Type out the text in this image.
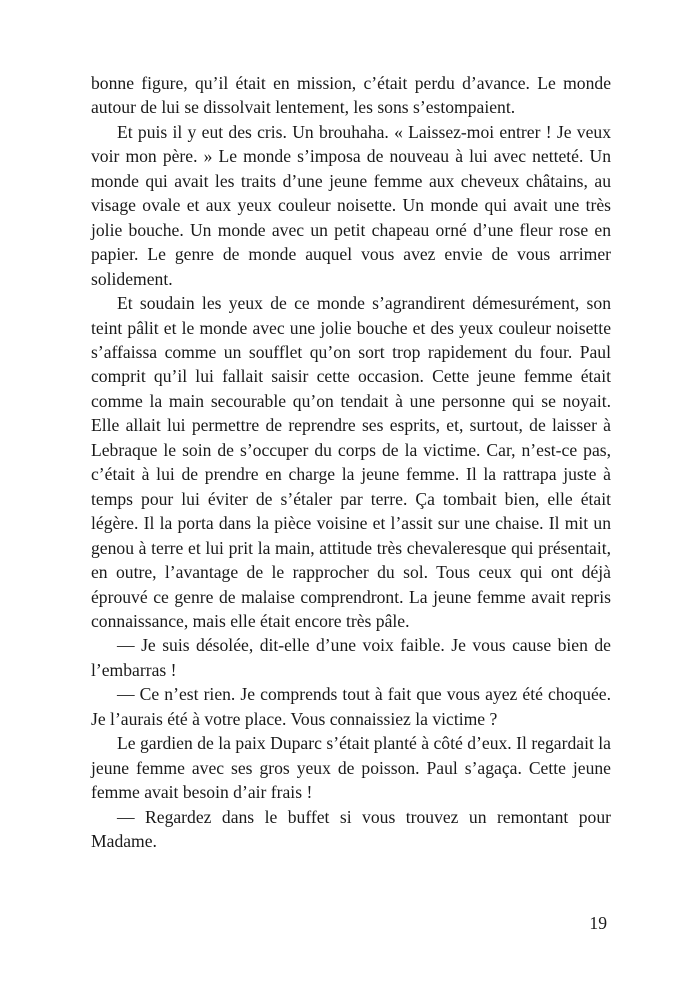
bonne figure, qu’il était en mission, c’était perdu d’avance. Le monde autour de lui se dissolvait lentement, les sons s’estompaient.

Et puis il y eut des cris. Un brouhaha. « Laissez-moi entrer ! Je veux voir mon père. » Le monde s’imposa de nouveau à lui avec netteté. Un monde qui avait les traits d’une jeune femme aux cheveux châtains, au visage ovale et aux yeux couleur noisette. Un monde qui avait une très jolie bouche. Un monde avec un petit chapeau orné d’une fleur rose en papier. Le genre de monde auquel vous avez envie de vous arrimer solidement.

Et soudain les yeux de ce monde s’agrandirent démesurément, son teint pâlit et le monde avec une jolie bouche et des yeux couleur noisette s’affaissa comme un soufflet qu’on sort trop rapidement du four. Paul comprit qu’il lui fallait saisir cette occasion. Cette jeune femme était comme la main secourable qu’on tendait à une personne qui se noyait. Elle allait lui permettre de reprendre ses esprits, et, surtout, de laisser à Lebraque le soin de s’occuper du corps de la victime. Car, n’est-ce pas, c’était à lui de prendre en charge la jeune femme. Il la rattrapa juste à temps pour lui éviter de s’étaler par terre. Ça tombait bien, elle était légère. Il la porta dans la pièce voisine et l’assit sur une chaise. Il mit un genou à terre et lui prit la main, attitude très chevaleresque qui présentait, en outre, l’avantage de le rapprocher du sol. Tous ceux qui ont déjà éprouvé ce genre de malaise comprendront. La jeune femme avait repris connaissance, mais elle était encore très pâle.

— Je suis désolée, dit-elle d’une voix faible. Je vous cause bien de l’embarras !

— Ce n’est rien. Je comprends tout à fait que vous ayez été choquée. Je l’aurais été à votre place. Vous connaissiez la victime ?

Le gardien de la paix Duparc s’était planté à côté d’eux. Il regardait la jeune femme avec ses gros yeux de poisson. Paul s’agaça. Cette jeune femme avait besoin d’air frais !

— Regardez dans le buffet si vous trouvez un remontant pour Madame.

19
